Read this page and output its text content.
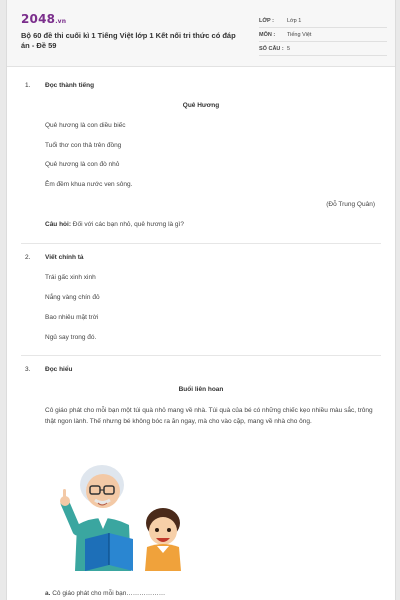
2048.vn
Bộ 60 đề thi cuối kì 1 Tiếng Việt lớp 1 Kết nối tri thức có đáp án - Đề 59
LỚP : Lớp 1
MÔN : Tiếng Việt
SỐ CÂU : 5
1. Đọc thành tiếng
Quê Hương
Quê hương là con diều biếc
Tuổi thơ con thả trên đồng
Quê hương là con đò nhỏ
Êm đềm khua nước ven sông.
(Đỗ Trung Quân)
Câu hỏi: Đối với các bạn nhỏ, quê hương là gì?
2. Viết chính tả
Trái gấc xinh xinh
Nắng vàng chín đỏ
Bao nhiêu mặt trời
Ngủ say trong đó.
3. Đọc hiểu
Buổi liên hoan
Cô giáo phát cho mỗi bạn một túi quà nhỏ mang về nhà. Túi quà của bé có những chiếc kẹo nhiều màu sắc, trông thật ngon lành. Thế nhưng bé không bóc ra ăn ngay, mà cho vào cặp, mang về nhà cho ông.
a. Cô giáo phát cho mỗi bạn………………
